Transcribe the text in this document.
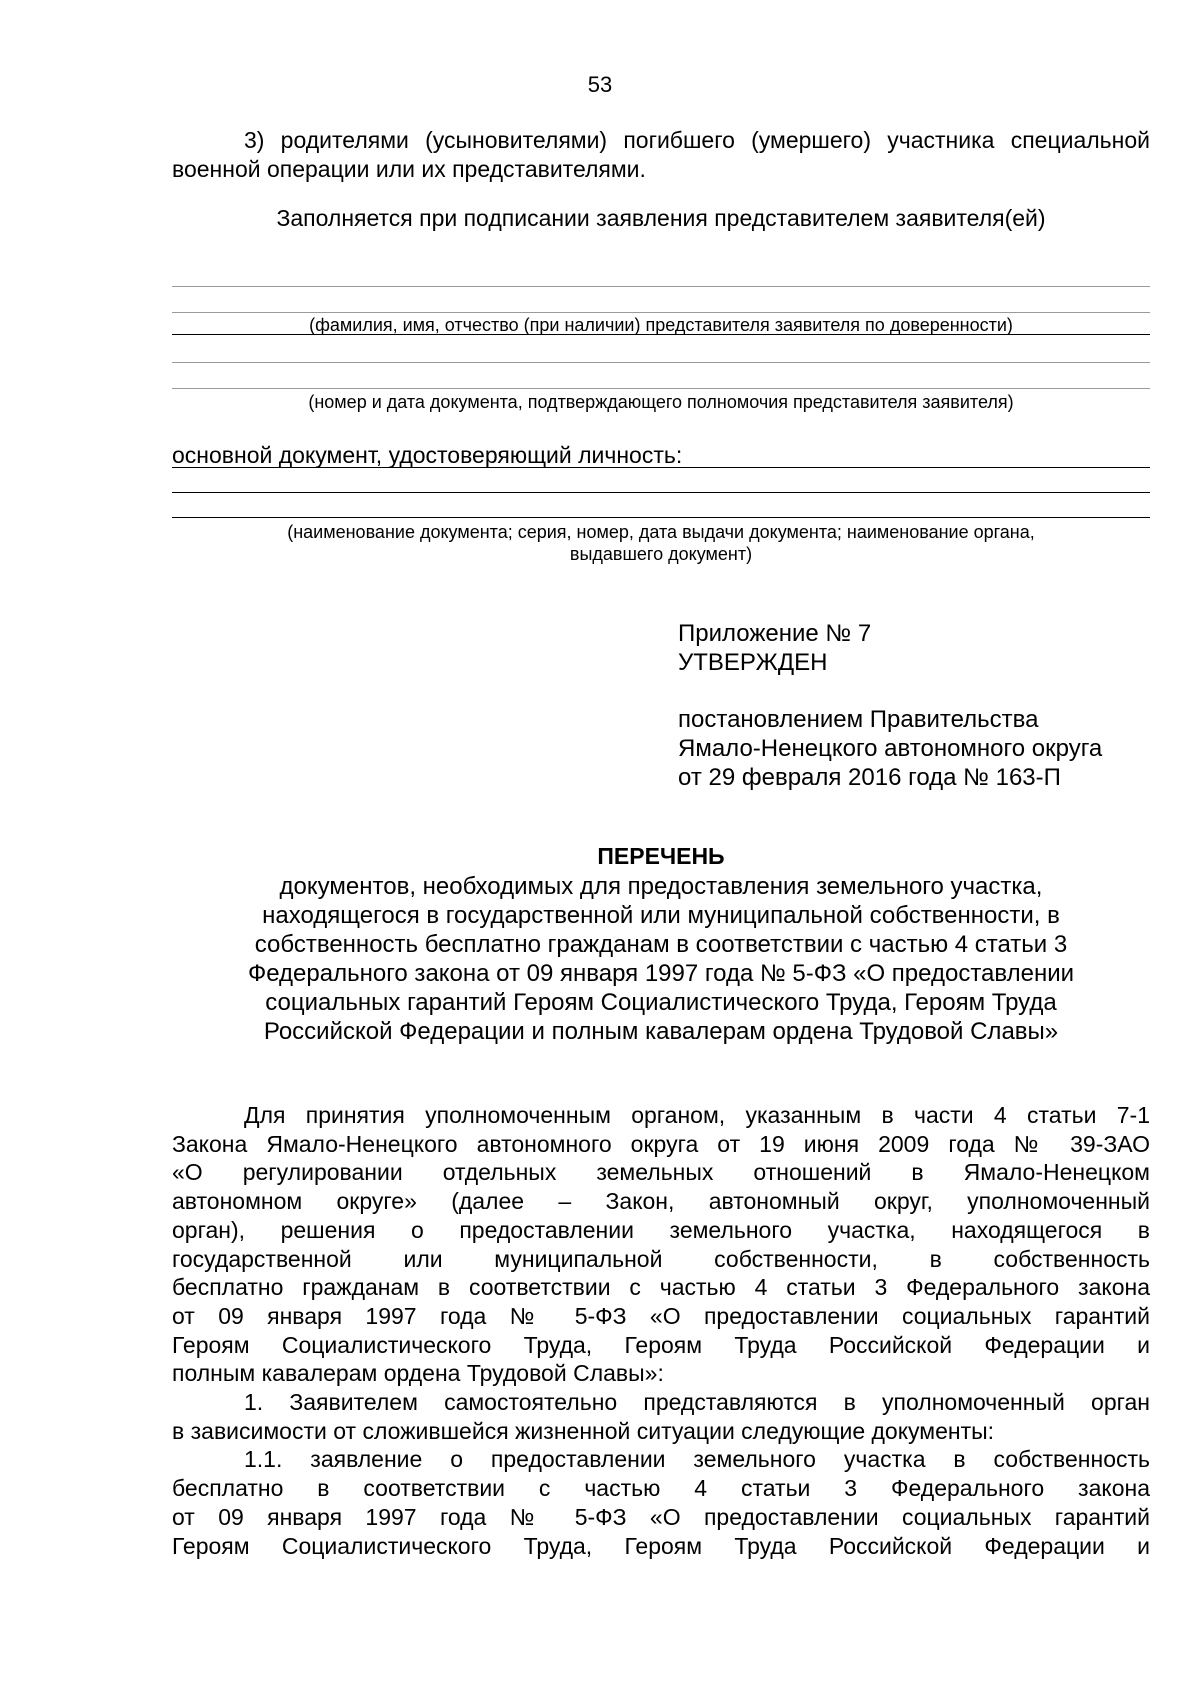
53
3) родителями (усыновителями) погибшего (умершего) участника специальной
военной операции или их представителями.
Заполняется при подписании заявления представителем заявителя(ей)
(фамилия, имя, отчество (при наличии) представителя заявителя по доверенности)
(номер и дата документа, подтверждающего полномочия представителя заявителя)
основной документ, удостоверяющий личность:
(наименование документа; серия, номер, дата выдачи документа; наименование органа,
выдавшего документ)
Приложение № 7
УТВЕРЖДЕН
постановлением Правительства
Ямало-Ненецкого автономного округа
от 29 февраля 2016 года № 163-П
ПЕРЕЧЕНЬ
документов, необходимых для предоставления земельного участка,
находящегося в государственной или муниципальной собственности, в
собственность бесплатно гражданам в соответствии с частью 4 статьи 3
Федерального закона от 09 января 1997 года № 5-ФЗ «О предоставлении
социальных гарантий Героям Социалистического Труда, Героям Труда
Российской Федерации и полным кавалерам ордена Трудовой Славы»
Для принятия уполномоченным органом, указанным в части 4 статьи 7-1
Закона Ямало-Ненецкого автономного округа от 19 июня 2009 года № 39-ЗАО
«О регулировании отдельных земельных отношений в Ямало-Ненецком
автономном округе» (далее – Закон, автономный округ, уполномоченный
орган), решения о предоставлении земельного участка, находящегося в
государственной или муниципальной собственности, в собственность
бесплатно гражданам в соответствии с частью 4 статьи 3 Федерального закона
от 09 января 1997 года № 5-ФЗ «О предоставлении социальных гарантий
Героям Социалистического Труда, Героям Труда Российской Федерации и
полным кавалерам ордена Трудовой Славы»:
1. Заявителем самостоятельно представляются в уполномоченный орган
в зависимости от сложившейся жизненной ситуации следующие документы:
1.1. заявление о предоставлении земельного участка в собственность
бесплатно в соответствии с частью 4 статьи 3 Федерального закона
от 09 января 1997 года № 5-ФЗ «О предоставлении социальных гарантий
Героям Социалистического Труда, Героям Труда Российской Федерации и
